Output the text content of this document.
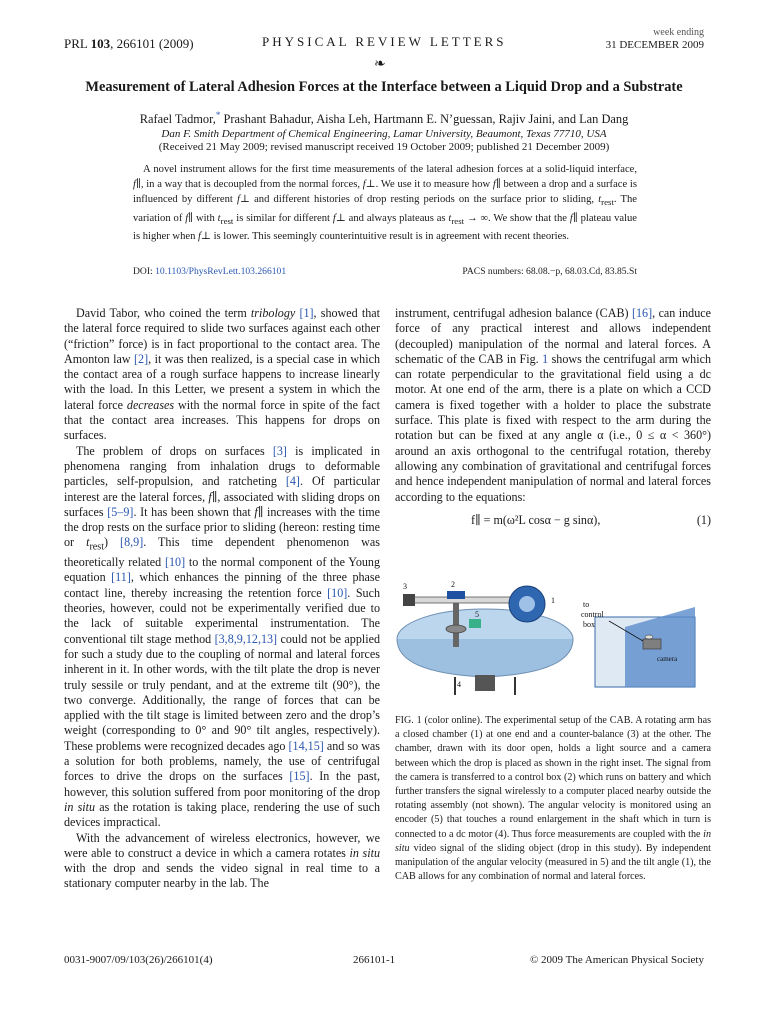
PRL 103, 266101 (2009)	PHYSICAL REVIEW LETTERS
week ending
31 DECEMBER 2009
❧
Measurement of Lateral Adhesion Forces at the Interface between a Liquid Drop and a Substrate
Rafael Tadmor,* Prashant Bahadur, Aisha Leh, Hartmann E. N’guessan, Rajiv Jaini, and Lan Dang
Dan F. Smith Department of Chemical Engineering, Lamar University, Beaumont, Texas 77710, USA
(Received 21 May 2009; revised manuscript received 19 October 2009; published 21 December 2009)

A novel instrument allows for the first time measurements of the lateral adhesion forces at a solid-liquid interface, f∥, in a way that is decoupled from the normal forces, f⊥. We use it to measure how f∥ between a drop and a surface is influenced by different f⊥ and different histories of drop resting periods on the surface prior to sliding, $t_{rest}$. The variation of f∥ with $t_{rest}$ is similar for different f⊥ and always plateaus as $t_{rest}$ → ∞. We show that the f∥ plateau value is higher when f⊥ is lower. This seemingly counterintuitive result is in agreement with recent theories.

DOI: 10.1103/PhysRevLett.103.266101	PACS numbers: 68.08.−p, 68.03.Cd, 83.85.St

David Tabor, who coined the term tribology [1], showed that the lateral force required to slide two surfaces against each other (“friction” force) is in fact proportional to the contact area. The Amonton law [2], it was then realized, is a special case in which the contact area of a rough surface happens to increase linearly with the load. In this Letter, we present a system in which the lateral force decreases with the normal force in spite of the fact that the contact area increases. This happens for drops on surfaces.

The problem of drops on surfaces [3] is implicated in phenomena ranging from inhalation drugs to deformable particles, self-propulsion, and ratcheting [4]. Of particular interest are the lateral forces, f∥, associated with sliding drops on surfaces [5–9]. It has been shown that f∥ increases with the time the drop rests on the surface prior to sliding (hereon: resting time or $t_{rest}$) [8,9]. This time dependent phenomenon was theoretically related [10] to the normal component of the Young equation [11], which enhances the pinning of the three phase contact line, thereby increasing the retention force [10]. Such theories, however, could not be experimentally verified due to the lack of suitable experimental instrumentation. The conventional tilt stage method [3,8,9,12,13] could not be applied for such a study due to the coupling of normal and lateral forces inherent in it. In other words, with the tilt plate the drop is never truly sessile or truly pendant, and at the extreme tilt (90°), the two converge. Additionally, the range of forces that can be applied with the tilt stage is limited between zero and the drop’s weight (corresponding to 0° and 90° tilt angles, respectively). These problems were recognized decades ago [14,15] and so was a solution for both problems, namely, the use of centrifugal forces to drive the drops on the surfaces [15]. In the past, however, this solution suffered from poor monitoring of the drop in situ as the rotation is taking place, rendering the use of such devices impractical.

With the advancement of wireless electronics, however, we were able to construct a device in which a camera rotates in situ with the drop and sends the video signal in real time to a stationary computer nearby in the lab. The

instrument, centrifugal adhesion balance (CAB) [16], can induce force of any practical interest and allows independent (decoupled) manipulation of the normal and lateral forces. A schematic of the CAB in Fig. 1 shows the centrifugal arm which can rotate perpendicular to the gravitational field using a dc motor. At one end of the arm, there is a plate on which a CCD camera is fixed together with a holder to place the substrate surface. This plate is fixed with respect to the arm during the rotation but can be fixed at any angle α (i.e., 0 ≤ α < 360°) around an axis orthogonal to the centrifugal rotation, thereby allowing any combination of gravitational and centrifugal forces and hence independent manipulation of normal and lateral forces according to the equations:

f∥ = m(ω²L cosα − g sinα),	(1)
3	2
1
5
4
to
control
box
camera

FIG. 1 (color online). The experimental setup of the CAB. A rotating arm has a closed chamber (1) at one end and a counter-balance (3) at the other. The chamber, drawn with its door open, holds a light source and a camera between which the drop is placed as shown in the right inset. The signal from the camera is transferred to a control box (2) which runs on battery and which further transfers the signal wirelessly to a computer placed nearby outside the rotating assembly (not shown). The angular velocity is monitored using an encoder (5) that touches a round enlargement in the shaft which in turn is connected to a dc motor (4). Thus force measurements are coupled with the in situ video signal of the sliding object (drop in this study). By independent manipulation of the angular velocity (measured in 5) and the tilt angle (1), the CAB allows for any combination of normal and lateral forces.

0031-9007/09/103(26)/266101(4)	266101-1	© 2009 The American Physical Society
